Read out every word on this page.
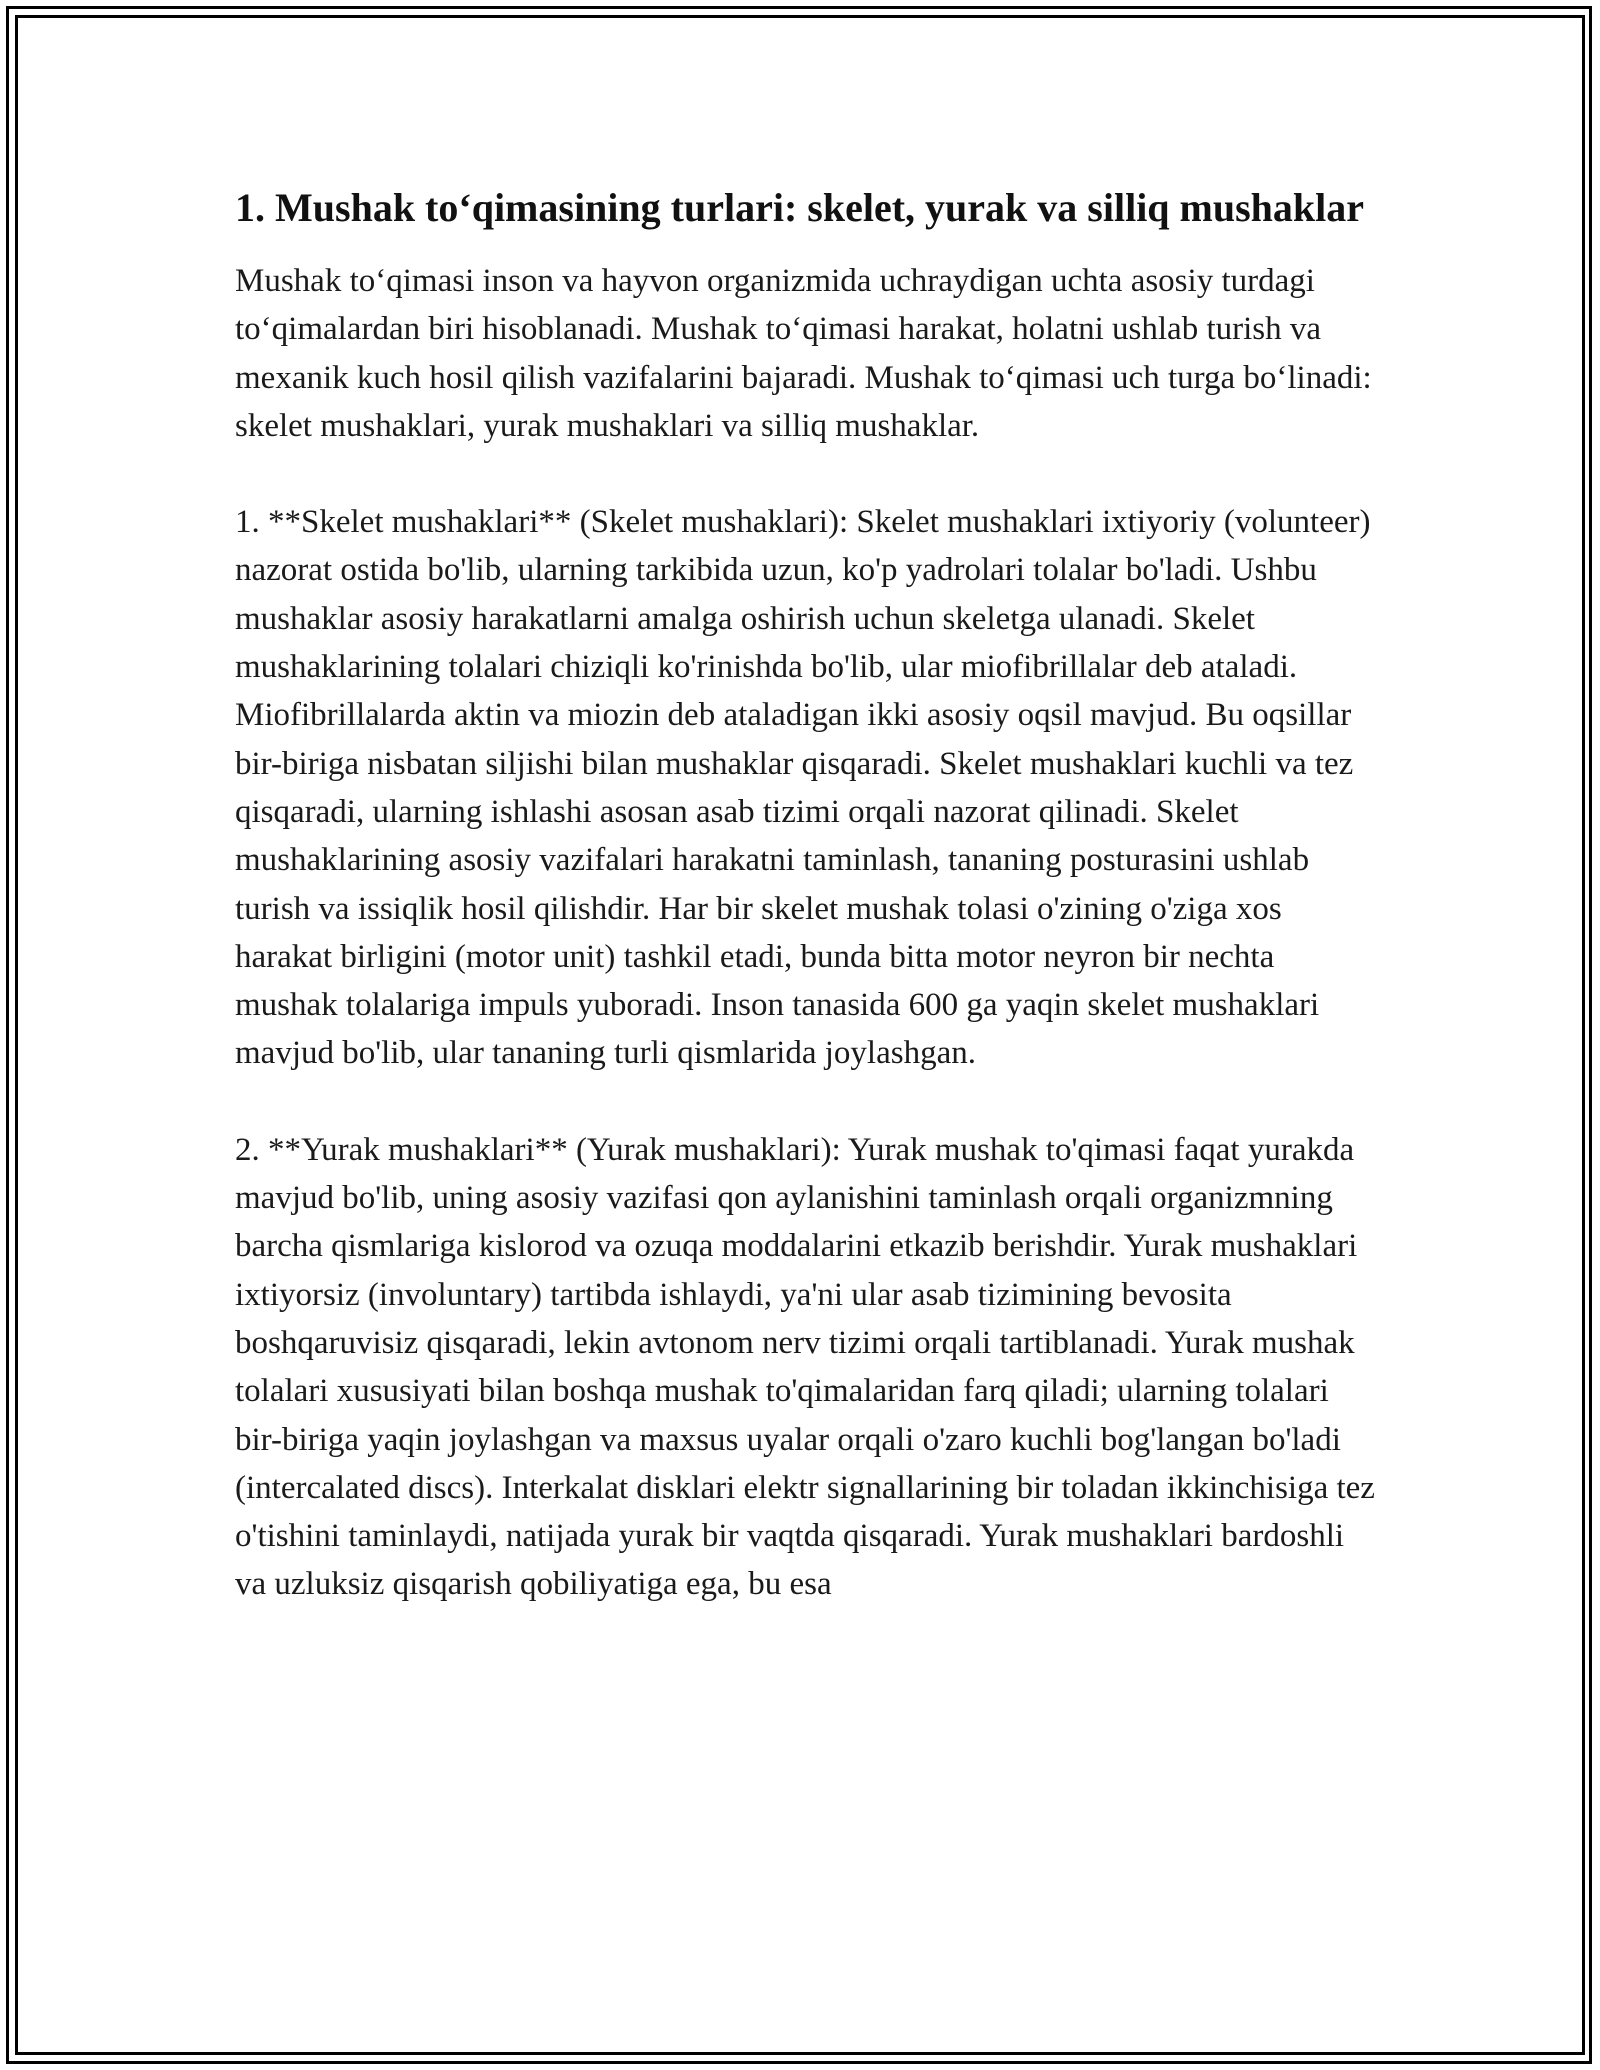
1. Mushak to‘qimasining turlari: skelet, yurak va silliq mushaklar

Mushak to‘qimasi inson va hayvon organizmida uchraydigan uchta asosiy turdagi to‘qimalardan biri hisoblanadi. Mushak to‘qimasi harakat, holatni ushlab turish va mexanik kuch hosil qilish vazifalarini bajaradi. Mushak to‘qimasi uch turga bo‘linadi: skelet mushaklari, yurak mushaklari va silliq mushaklar.

1. **Skelet mushaklari** (Skelet mushaklari): Skelet mushaklari ixtiyoriy (volunteer) nazorat ostida bo'lib, ularning tarkibida uzun, ko'p yadrolari tolalar bo'ladi. Ushbu mushaklar asosiy harakatlarni amalga oshirish uchun skeletga ulanadi. Skelet mushaklarining tolalari chiziqli ko'rinishda bo'lib, ular miofibrillalar deb ataladi. Miofibrillalarda aktin va miozin deb ataladigan ikki asosiy oqsil mavjud. Bu oqsillar bir-biriga nisbatan siljishi bilan mushaklar qisqaradi. Skelet mushaklari kuchli va tez qisqaradi, ularning ishlashi asosan asab tizimi orqali nazorat qilinadi. Skelet mushaklarining asosiy vazifalari harakatni taminlash, tananing posturasini ushlab turish va issiqlik hosil qilishdir. Har bir skelet mushak tolasi o'zining o'ziga xos harakat birligini (motor unit) tashkil etadi, bunda bitta motor neyron bir nechta mushak tolalariga impuls yuboradi. Inson tanasida 600 ga yaqin skelet mushaklari mavjud bo'lib, ular tananing turli qismlarida joylashgan.

2. **Yurak mushaklari** (Yurak mushaklari): Yurak mushak to'qimasi faqat yurakda mavjud bo'lib, uning asosiy vazifasi qon aylanishini taminlash orqali organizmning barcha qismlariga kislorod va ozuqa moddalarini etkazib berishdir. Yurak mushaklari ixtiyorsiz (involuntary) tartibda ishlaydi, ya'ni ular asab tizimining bevosita boshqaruvisiz qisqaradi, lekin avtonom nerv tizimi orqali tartiblanadi. Yurak mushak tolalari xususiyati bilan boshqa mushak to'qimalaridan farq qiladi; ularning tolalari bir-biriga yaqin joylashgan va maxsus uyalar orqali o'zaro kuchli bog'langan bo'ladi (intercalated discs). Interkalat disklari elektr signallarining bir toladan ikkinchisiga tez o'tishini taminlaydi, natijada yurak bir vaqtda qisqaradi. Yurak mushaklari bardoshli va uzluksiz qisqarish qobiliyatiga ega, bu esa
